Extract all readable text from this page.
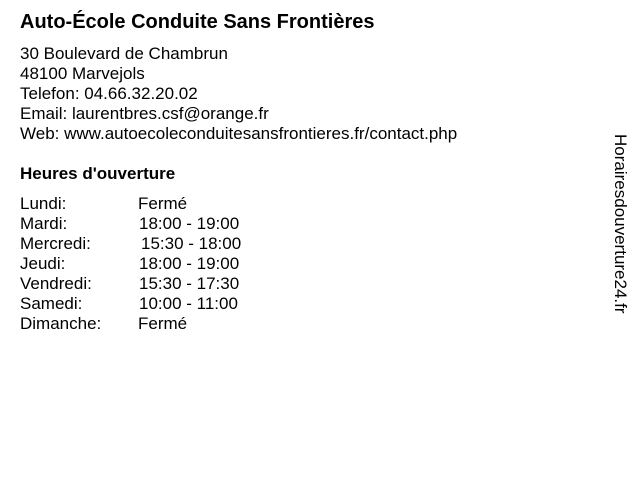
Auto-École Conduite Sans Frontières
30 Boulevard de Chambrun
48100 Marvejols
Telefon: 04.66.32.20.02
Email: laurentbres.csf@orange.fr
Web: www.autoecoleconduitesansfrontieres.fr/contact.php
Heures d'ouverture
Lundi:	Fermé
Mardi:	18:00 - 19:00
Mercredi:	15:30 - 18:00
Jeudi:	18:00 - 19:00
Vendredi:	15:30 - 17:30
Samedi:	10:00 - 11:00
Dimanche: Fermé
Horairesdouverture24.fr
